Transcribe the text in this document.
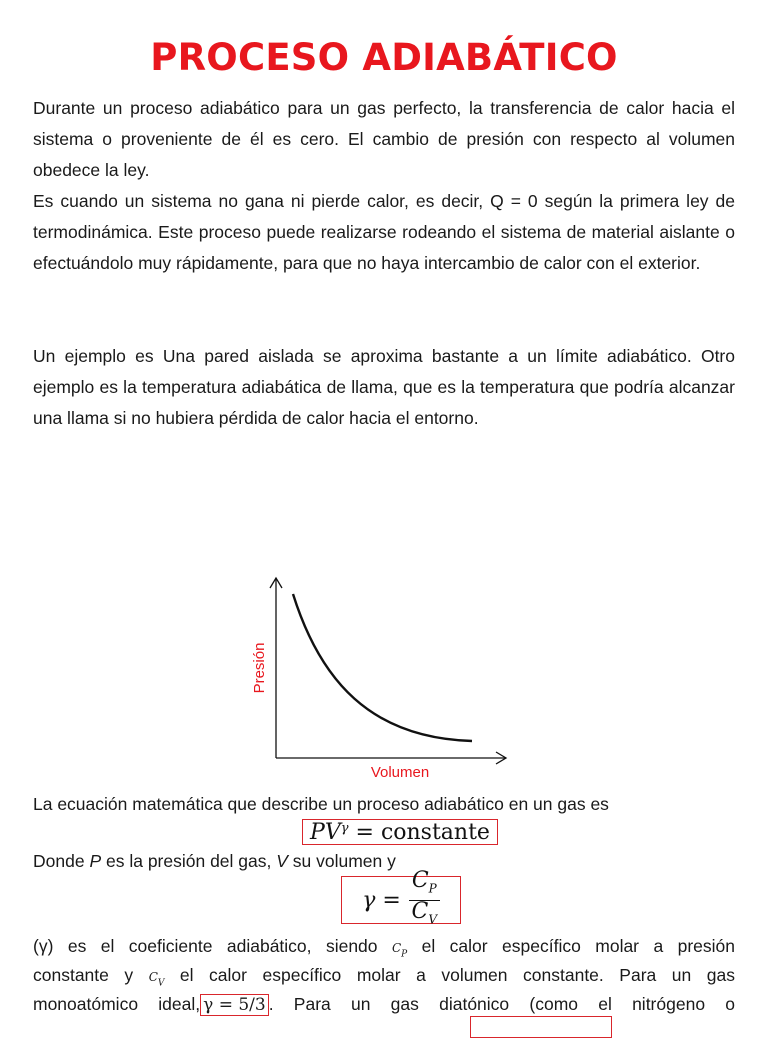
PROCESO ADIABÁTICO

Durante un proceso adiabático para un gas perfecto, la transferencia de calor hacia el sistema o proveniente de él es cero. El cambio de presión con respecto al volumen obedece la ley.

Es cuando un sistema no gana ni pierde calor, es decir, Q = 0 según la primera ley de termodinámica. Este proceso puede realizarse rodeando el sistema de material aislante o efectuándolo muy rápidamente, para que no haya intercambio de calor con el exterior.

Un ejemplo es Una pared aislada se aproxima bastante a un límite adiabático. Otro ejemplo es la temperatura adiabática de llama, que es la temperatura que podría alcanzar una llama si no hubiera pérdida de calor hacia el entorno.

Presión
Volumen
La ecuación matemática que describe un proceso adiabático en un gas es
$PV^\gamma$
= constante
Donde P es la presión del gas, V su volumen y
$\gamma = \frac{C_P}{C_V}$
(γ) es el coeficiente adiabático, siendo $C_P$ el calor específico molar a presión
constante y $C_V$ el calor específico molar a volumen constante. Para un gas
monoatómico ideal, γ = 5/3 . Para un gas diatónico (como el nitrógeno o
